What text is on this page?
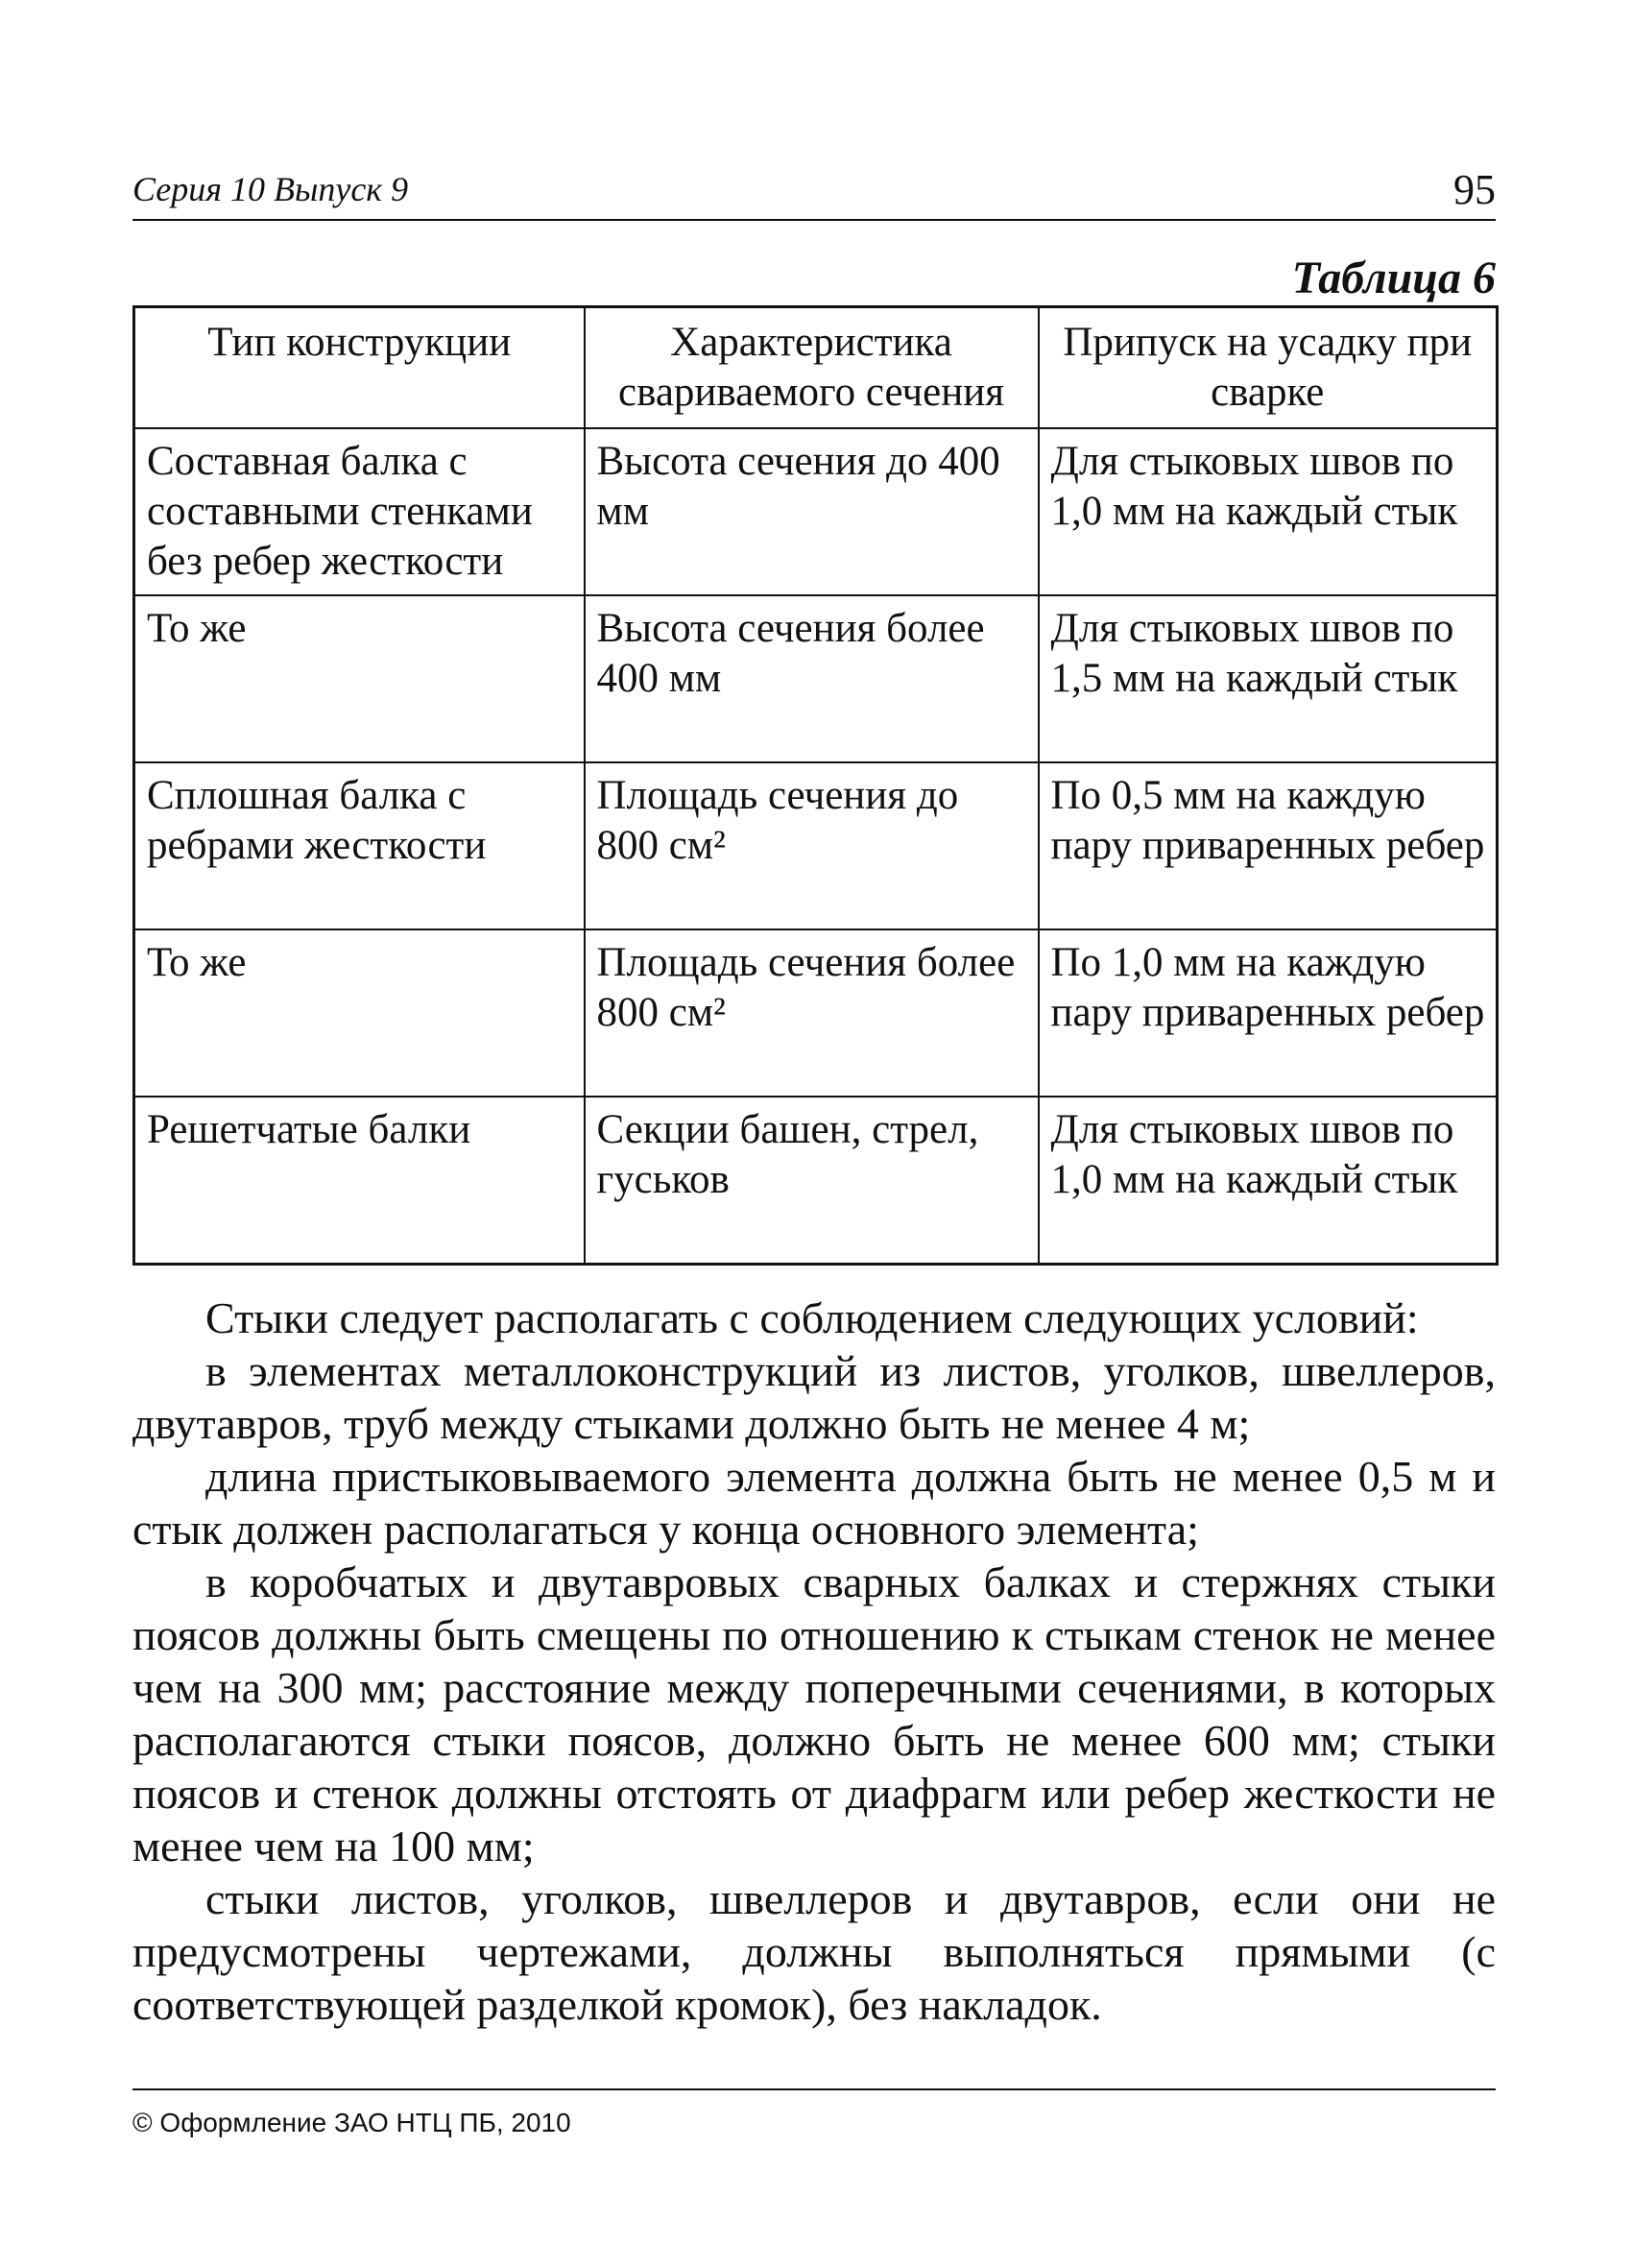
Серия 10 Выпуск 9	95
Таблица 6
Тип конструкции	Характеристика свариваемого сечения	Припуск на усадку при сварке
Составная балка с составными стенками без ребер жесткости	Высота сечения до 400 мм	Для стыковых швов по 1,0 мм на каждый стык
То же	Высота сечения более 400 мм	Для стыковых швов по 1,5 мм на каждый стык
Сплошная балка с ребрами жесткости	Площадь сечения до 800 см²	По 0,5 мм на каждую пару приваренных ребер
То же	Площадь сечения более 800 см²	По 1,0 мм на каждую пару приваренных ребер
Решетчатые балки	Секции башен, стрел, гуськов	Для стыковых швов по 1,0 мм на каждый стык

Стыки следует располагать с соблюдением следующих условий:

в элементах металлоконструкций из листов, уголков, швеллеров, двутавров, труб между стыками должно быть не менее 4 м;

длина пристыковываемого элемента должна быть не менее 0,5 м и стык должен располагаться у конца основного элемента;

в коробчатых и двутавровых сварных балках и стержнях стыки поясов должны быть смещены по отношению к стыкам стенок не менее чем на 300 мм; расстояние между поперечными сечениями, в которых располагаются стыки поясов, должно быть не менее 600 мм; стыки поясов и стенок должны отстоять от диафрагм или ребер жесткости не менее чем на 100 мм;

стыки листов, уголков, швеллеров и двутавров, если они не предусмотрены чертежами, должны выполняться прямыми (с соответствующей разделкой кромок), без накладок.

© Оформление ЗАО НТЦ ПБ, 2010
